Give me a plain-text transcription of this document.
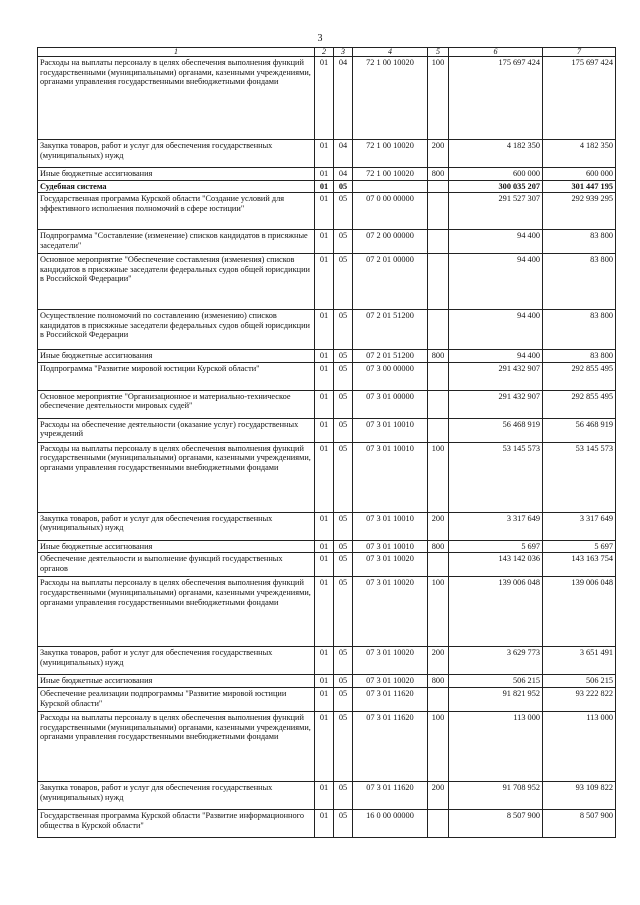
3
1	2	3	4	5	6	7
Расходы на выплаты персоналу в целях обеспечения выполнения функций государственными (муниципальными) органами, казенными учреждениями, органами управления государственными внебюджетными фондами	01	04	72 1 00 10020	100	175 697 424	175 697 424
Закупка товаров, работ и услуг для обеспечения государственных (муниципальных) нужд	01	04	72 1 00 10020	200	4 182 350	4 182 350
Иные бюджетные ассигнования	01	04	72 1 00 10020	800	600 000	600 000
Судебная система	01	05			300 035 207	301 447 195
Государственная программа Курской области "Создание условий для эффективного исполнения полномочий в сфере юстиции"	01	05	07 0 00 00000		291 527 307	292 939 295
Подпрограмма "Составление (изменение) списков кандидатов в присяжные заседатели"	01	05	07 2 00 00000		94 400	83 800
Основное мероприятие "Обеспечение составления (изменения) списков кандидатов в присяжные заседатели федеральных судов общей юрисдикции в Российской Федерации"	01	05	07 2 01 00000		94 400	83 800
Осуществление полномочий по составлению (изменению) списков кандидатов в присяжные заседатели федеральных судов общей юрисдикции в Российской Федерации	01	05	07 2 01 51200		94 400	83 800
Иные бюджетные ассигнования	01	05	07 2 01 51200	800	94 400	83 800
Подпрограмма "Развитие мировой юстиции Курской области"	01	05	07 3 00 00000		291 432 907	292 855 495
Основное мероприятие "Организационное и материально-техническое обеспечение деятельности мировых судей"	01	05	07 3 01 00000		291 432 907	292 855 495
Расходы на обеспечение деятельности (оказание услуг) государственных учреждений	01	05	07 3 01 10010		56 468 919	56 468 919
Расходы на выплаты персоналу в целях обеспечения выполнения функций государственными (муниципальными) органами, казенными учреждениями, органами управления государственными внебюджетными фондами	01	05	07 3 01 10010	100	53 145 573	53 145 573
Закупка товаров, работ и услуг для обеспечения государственных (муниципальных) нужд	01	05	07 3 01 10010	200	3 317 649	3 317 649
Иные бюджетные ассигнования	01	05	07 3 01 10010	800	5 697	5 697
Обеспечение деятельности и выполнение функций государственных органов	01	05	07 3 01 10020		143 142 036	143 163 754
Расходы на выплаты персоналу в целях обеспечения выполнения функций государственными (муниципальными) органами, казенными учреждениями, органами управления государственными внебюджетными фондами	01	05	07 3 01 10020	100	139 006 048	139 006 048
Закупка товаров, работ и услуг для обеспечения государственных (муниципальных) нужд	01	05	07 3 01 10020	200	3 629 773	3 651 491
Иные бюджетные ассигнования	01	05	07 3 01 10020	800	506 215	506 215
Обеспечение реализации подпрограммы "Развитие мировой юстиции Курской области"	01	05	07 3 01 11620		91 821 952	93 222 822
Расходы на выплаты персоналу в целях обеспечения выполнения функций государственными (муниципальными) органами, казенными учреждениями, органами управления государственными внебюджетными фондами	01	05	07 3 01 11620	100	113 000	113 000
Закупка товаров, работ и услуг для обеспечения государственных (муниципальных) нужд	01	05	07 3 01 11620	200	91 708 952	93 109 822
Государственная программа Курской области "Развитие информационного общества в Курской области"	01	05	16 0 00 00000		8 507 900	8 507 900
